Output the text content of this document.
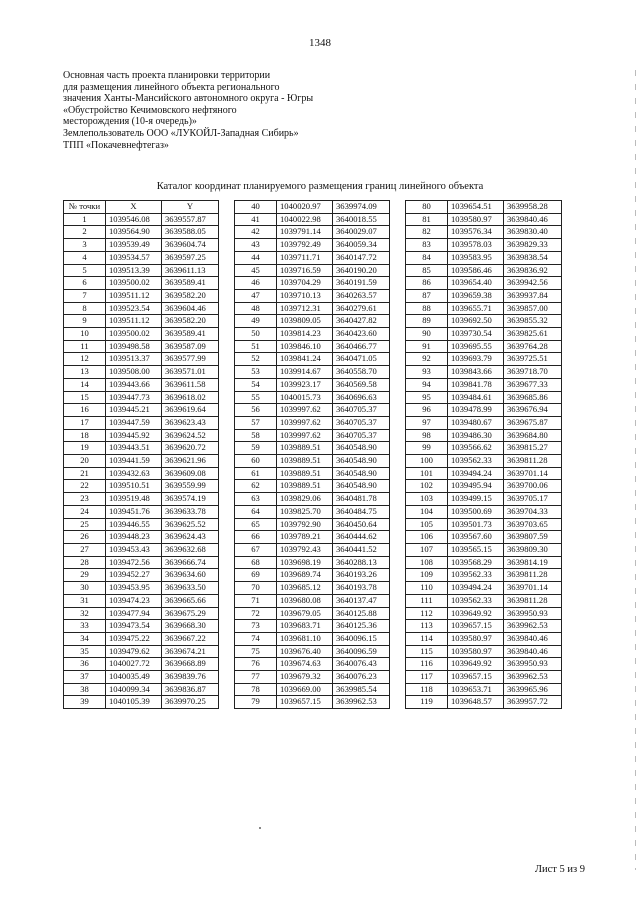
1348
Основная часть проекта планировки территории
для размещения линейного объекта регионального
значения Ханты-Мансийского автономного округа - Югры
«Обустройство Кечимовского нефтяного
месторождения (10-я очередь)»
Землепользователь ООО «ЛУКОЙЛ-Западная Сибирь»
ТПП «Покачевнефтегаз»
Каталог координат планируемого размещения границ линейного объекта
№ точки	X	Y
1	1039546.08	3639557.87
2	1039564.90	3639588.05
3	1039539.49	3639604.74
4	1039534.57	3639597.25
5	1039513.39	3639611.13
6	1039500.02	3639589.41
7	1039511.12	3639582.20
8	1039523.54	3639604.46
9	1039511.12	3639582.20
10	1039500.02	3639589.41
11	1039498.58	3639587.09
12	1039513.37	3639577.99
13	1039508.00	3639571.01
14	1039443.66	3639611.58
15	1039447.73	3639618.02
16	1039445.21	3639619.64
17	1039447.59	3639623.43
18	1039445.92	3639624.52
19	1039443.51	3639620.72
20	1039441.59	3639621.96
21	1039432.63	3639609.08
22	1039510.51	3639559.99
23	1039519.48	3639574.19
24	1039451.76	3639633.78
25	1039446.55	3639625.52
26	1039448.23	3639624.43
27	1039453.43	3639632.68
28	1039472.56	3639666.74
29	1039452.27	3639634.60
30	1039453.95	3639633.50
31	1039474.23	3639665.66
32	1039477.94	3639675.29
33	1039473.54	3639668.30
34	1039475.22	3639667.22
35	1039479.62	3639674.21
36	1040027.72	3639668.89
37	1040035.49	3639839.76
38	1040099.34	3639836.87
39	1040105.39	3639970.25
40	1040020.97	3639974.09
41	1040022.98	3640018.55
42	1039791.14	3640029.07
43	1039792.49	3640059.34
44	1039711.71	3640147.72
45	1039716.59	3640190.20
46	1039704.29	3640191.59
47	1039710.13	3640263.57
48	1039712.31	3640279.61
49	1039809.05	3640427.82
50	1039814.23	3640423.60
51	1039846.10	3640466.77
52	1039841.24	3640471.05
53	1039914.67	3640558.70
54	1039923.17	3640569.58
55	1040015.73	3640696.63
56	1039997.62	3640705.37
57	1039997.62	3640705.37
58	1039997.62	3640705.37
59	1039889.51	3640548.90
60	1039889.51	3640548.90
61	1039889.51	3640548.90
62	1039889.51	3640548.90
63	1039829.06	3640481.78
64	1039825.70	3640484.75
65	1039792.90	3640450.64
66	1039789.21	3640444.62
67	1039792.43	3640441.52
68	1039698.19	3640288.13
69	1039689.74	3640193.26
70	1039685.12	3640193.78
71	1039680.08	3640137.47
72	1039679.05	3640125.88
73	1039683.71	3640125.36
74	1039681.10	3640096.15
75	1039676.40	3640096.59
76	1039674.63	3640076.43
77	1039679.32	3640076.23
78	1039669.00	3639985.54
79	1039657.15	3639962.53
80	1039654.51	3639958.28
81	1039580.97	3639840.46
82	1039576.34	3639830.40
83	1039578.03	3639829.33
84	1039583.95	3639838.54
85	1039586.46	3639836.92
86	1039654.40	3639942.56
87	1039659.38	3639937.84
88	1039655.71	3639857.00
89	1039692.50	3639855.32
90	1039730.54	3639825.61
91	1039695.55	3639764.28
92	1039693.79	3639725.51
93	1039843.66	3639718.70
94	1039841.78	3639677.33
95	1039484.61	3639685.86
96	1039478.99	3639676.94
97	1039480.67	3639675.87
98	1039486.30	3639684.80
99	1039566.62	3639815.27
100	1039562.33	3639811.28
101	1039494.24	3639701.14
102	1039495.94	3639700.06
103	1039499.15	3639705.17
104	1039500.69	3639704.33
105	1039501.73	3639703.65
106	1039567.60	3639807.59
107	1039565.15	3639809.30
108	1039568.29	3639814.19
109	1039562.33	3639811.28
110	1039494.24	3639701.14
111	1039562.33	3639811.28
112	1039649.92	3639950.93
113	1039657.15	3639962.53
114	1039580.97	3639840.46
115	1039580.97	3639840.46
116	1039649.92	3639950.93
117	1039657.15	3639962.53
118	1039653.71	3639965.96
119	1039648.57	3639957.72
Лист 5 из 9
